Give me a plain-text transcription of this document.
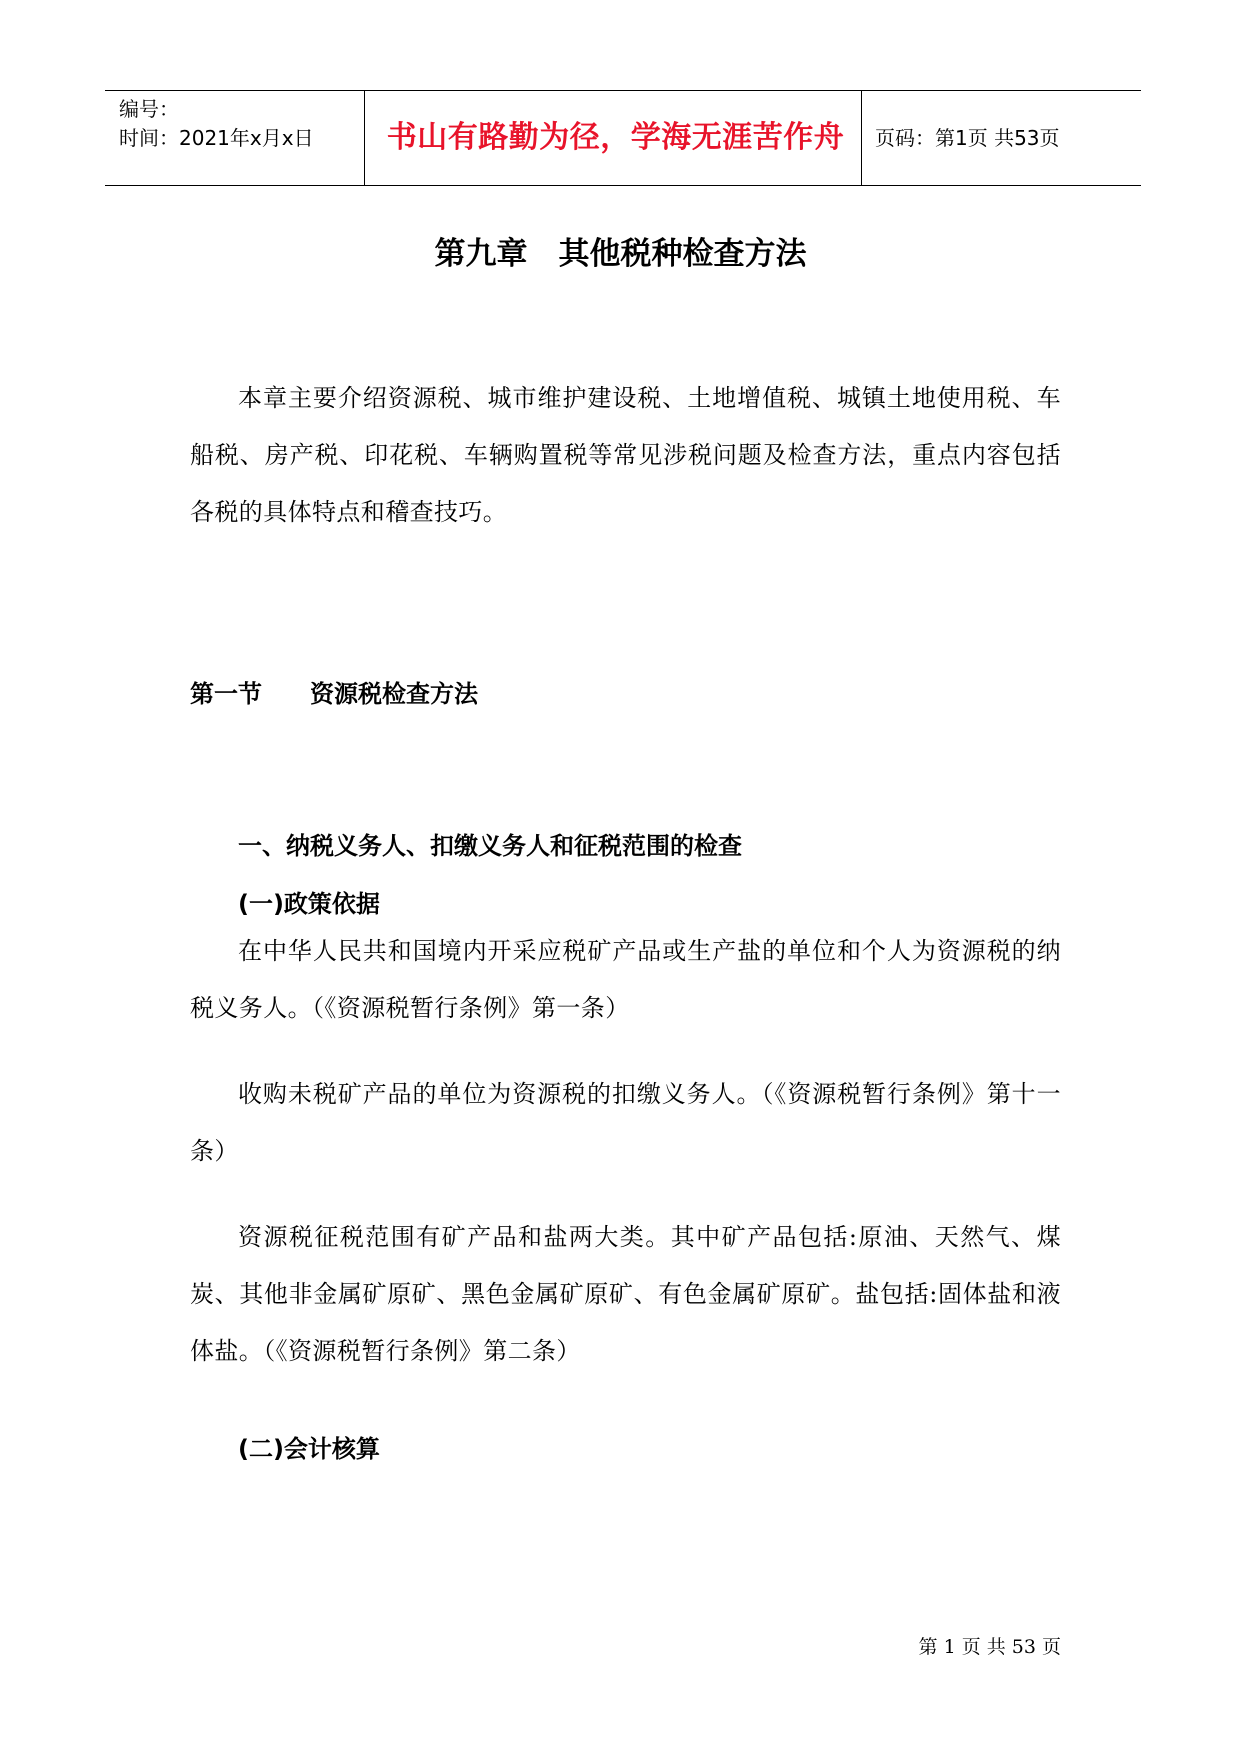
编号：
时间：2021年x月x日	书山有路勤为径，学海无涯苦作舟	页码：第1页 共53页
第九章　其他税种检查方法
本章主要介绍资源税、城市维护建设税、土地增值税、城镇土地使用税、车船税、房产税、印花税、车辆购置税等常见涉税问题及检查方法，重点内容包括各税的具体特点和稽查技巧。
第一节　　资源税检查方法
一、纳税义务人、扣缴义务人和征税范围的检查
(一)政策依据
在中华人民共和国境内开采应税矿产品或生产盐的单位和个人为资源税的纳税义务人。（《资源税暂行条例》第一条）
收购未税矿产品的单位为资源税的扣缴义务人。（《资源税暂行条例》第十一条）
资源税征税范围有矿产品和盐两大类。其中矿产品包括:原油、天然气、煤炭、其他非金属矿原矿、黑色金属矿原矿、有色金属矿原矿。盐包括:固体盐和液体盐。（《资源税暂行条例》第二条）
(二)会计核算
第 1 页 共 53 页
